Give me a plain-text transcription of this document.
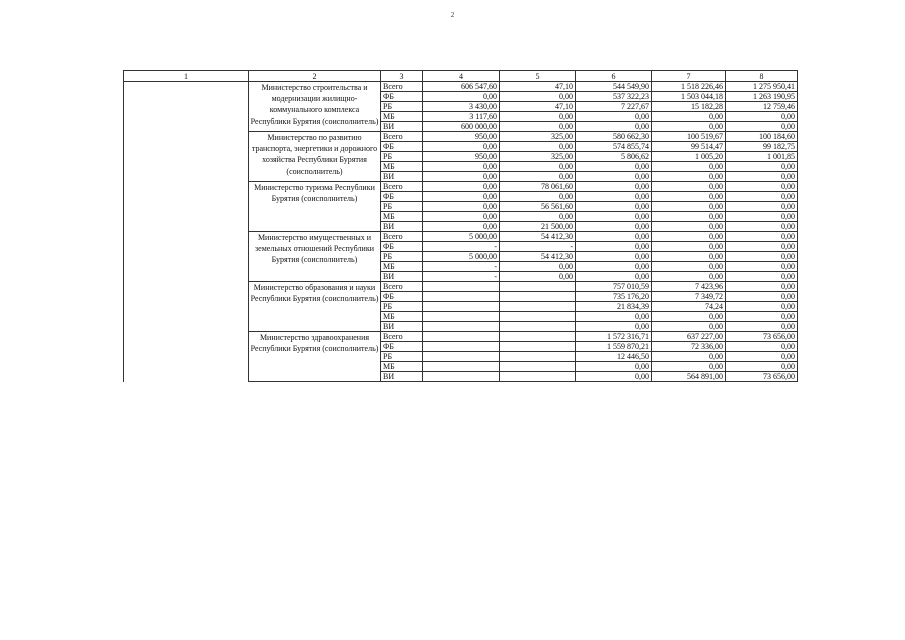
2
1	2	3	4	5	6	7	8
	Министерство строительства и модернизации жилищно-коммунального комплекса Республики Бурятия (соисполнитель)	Всего	606 547,60	47,10	544 549,90	1 518 226,46	1 275 950,41
		ФБ	0,00	0,00	537 322,23	1 503 044,18	1 263 190,95
		РБ	3 430,00	47,10	7 227,67	15 182,28	12 759,46
		МБ	3 117,60	0,00	0,00	0,00	0,00
		ВИ	600 000,00	0,00	0,00	0,00	0,00
	Министерство по развитию транспорта, энергетики и дорожного хозяйства Республики Бурятия (соисполнитель)	Всего	950,00	325,00	580 662,30	100 519,67	100 184,60
		ФБ	0,00	0,00	574 855,74	99 514,47	99 182,75
		РБ	950,00	325,00	5 806,62	1 005,20	1 001,85
		МБ	0,00	0,00	0,00	0,00	0,00
		ВИ	0,00	0,00	0,00	0,00	0,00
	Министерство туризма Республики Бурятия (соисполнитель)	Всего	0,00	78 061,60	0,00	0,00	0,00
		ФБ	0,00	0,00	0,00	0,00	0,00
		РБ	0,00	56 561,60	0,00	0,00	0,00
		МБ	0,00	0,00	0,00	0,00	0,00
		ВИ	0,00	21 500,00	0,00	0,00	0,00
	Министерство имущественных и земельных отношений Республики Бурятия (соисполнитель)	Всего	5 000,00	54 412,30	0,00	0,00	0,00
		ФБ	-	-	0,00	0,00	0,00
		РБ	5 000,00	54 412,30	0,00	0,00	0,00
		МБ	-	0,00	0,00	0,00	0,00
		ВИ	-	0,00	0,00	0,00	0,00
	Министерство образования и науки Республики Бурятия (соисполнитель)	Всего			757 010,59	7 423,96	0,00
		ФБ			735 176,20	7 349,72	0,00
		РБ			21 834,39	74,24	0,00
		МБ			0,00	0,00	0,00
		ВИ			0,00	0,00	0,00
	Министерство здравоохранения Республики Бурятия (соисполнитель)	Всего			1 572 316,71	637 227,00	73 656,00
		ФБ			1 559 870,21	72 336,00	0,00
		РБ			12 446,50	0,00	0,00
		МБ			0,00	0,00	0,00
		ВИ			0,00	564 891,00	73 656,00
